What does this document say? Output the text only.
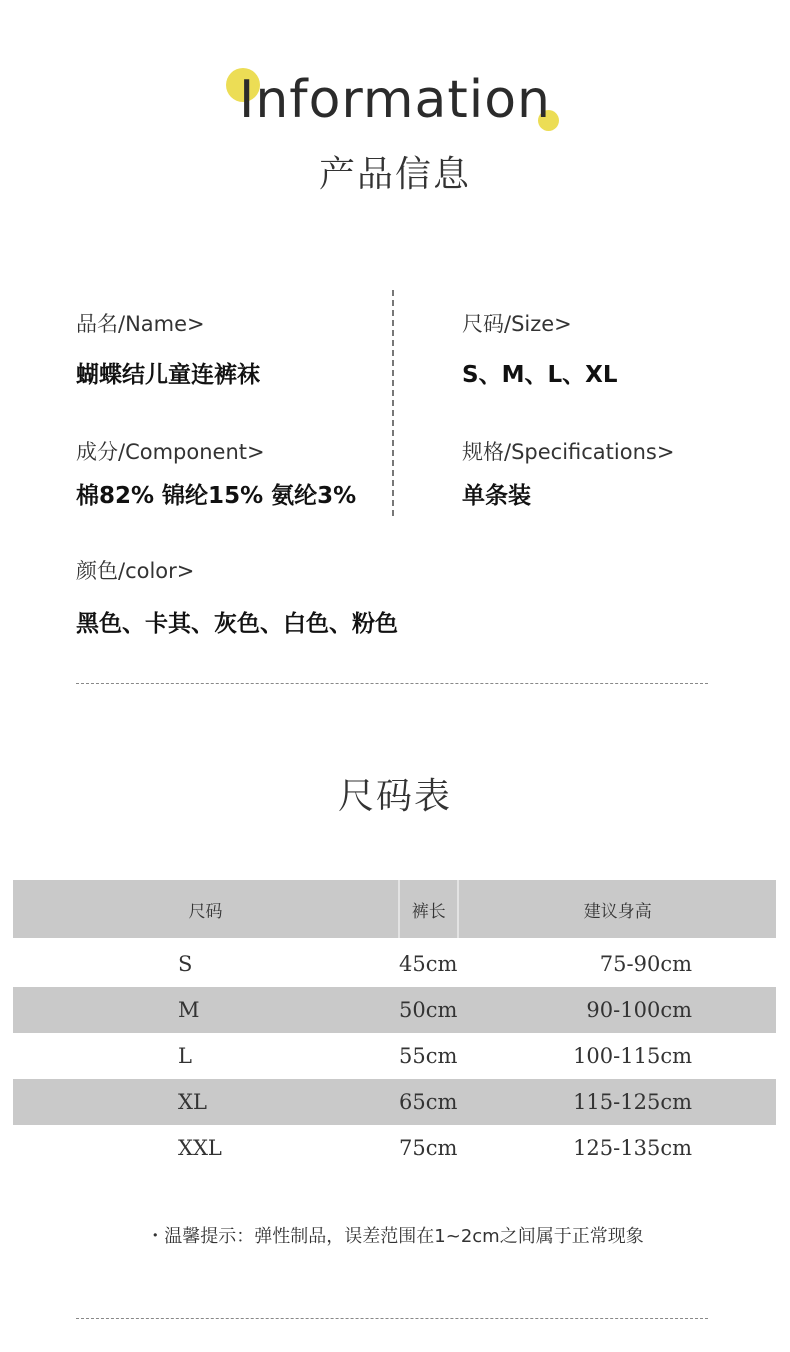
Information
产品信息
品名/Name>
蝴蝶结儿童连裤袜
尺码/Size>
S、M、L、XL
成分/Component>
棉82% 锦纶15% 氨纶3%
规格/Specifications>
单条装
颜色/color>
黑色、卡其、灰色、白色、粉色
尺码表
尺码	裤长	建议身高
S	45cm	75-90cm
M	50cm	90-100cm
L	55cm	100-115cm
XL	65cm	115-125cm
XXL	75cm	125-135cm
・温馨提示：弹性制品，误差范围在1~2cm之间属于正常现象
